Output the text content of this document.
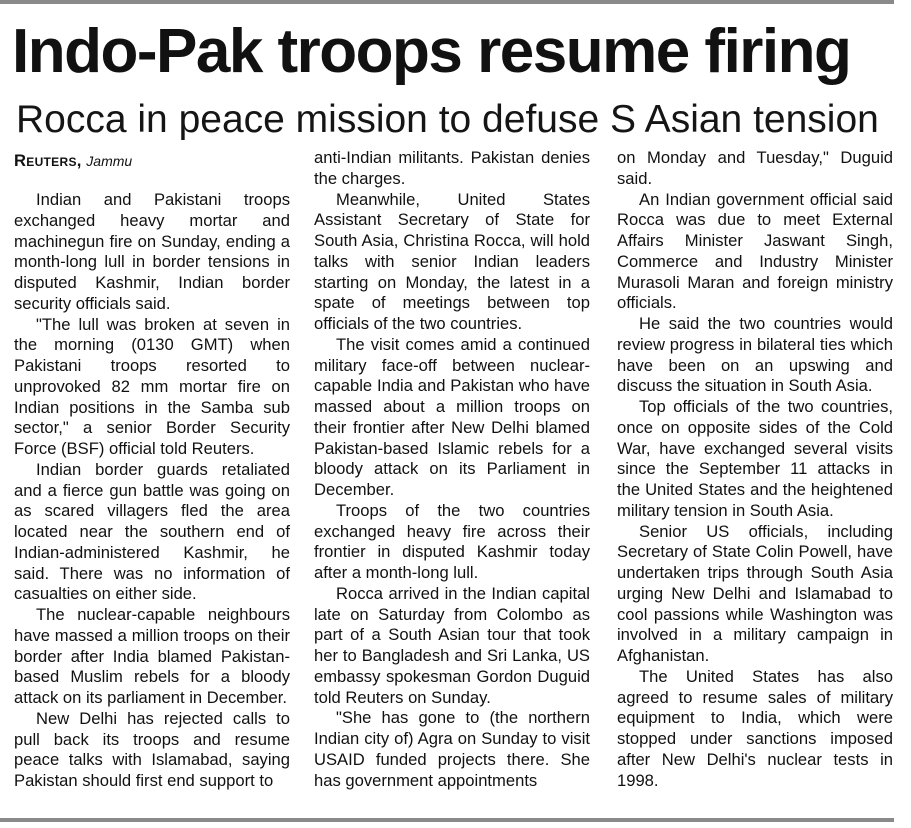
Indo-Pak troops resume firing
Rocca in peace mission to defuse S Asian tension
Reuters, Jammu

Indian and Pakistani troops exchanged heavy mortar and machinegun fire on Sunday, ending a month-long lull in border tensions in disputed Kashmir, Indian border security officials said.

"The lull was broken at seven in the morning (0130 GMT) when Pakistani troops resorted to unprovoked 82 mm mortar fire on Indian positions in the Samba sub sector," a senior Border Security Force (BSF) official told Reuters.

Indian border guards retaliated and a fierce gun battle was going on as scared villagers fled the area located near the southern end of Indian-administered Kashmir, he said. There was no information of casualties on either side.

The nuclear-capable neighbours have massed a million troops on their border after India blamed Pakistan-based Muslim rebels for a bloody attack on its parliament in December.

New Delhi has rejected calls to pull back its troops and resume peace talks with Islamabad, saying Pakistan should first end support to

anti-Indian militants. Pakistan denies the charges.

Meanwhile, United States Assistant Secretary of State for South Asia, Christina Rocca, will hold talks with senior Indian leaders starting on Monday, the latest in a spate of meetings between top officials of the two countries.

The visit comes amid a continued military face-off between nuclear-capable India and Pakistan who have massed about a million troops on their frontier after New Delhi blamed Pakistan-based Islamic rebels for a bloody attack on its Parliament in December.

Troops of the two countries exchanged heavy fire across their frontier in disputed Kashmir today after a month-long lull.

Rocca arrived in the Indian capital late on Saturday from Colombo as part of a South Asian tour that took her to Bangladesh and Sri Lanka, US embassy spokesman Gordon Duguid told Reuters on Sunday.

"She has gone to (the northern Indian city of) Agra on Sunday to visit USAID funded projects there. She has government appointments

on Monday and Tuesday," Duguid said.

An Indian government official said Rocca was due to meet External Affairs Minister Jaswant Singh, Commerce and Industry Minister Murasoli Maran and foreign ministry officials.

He said the two countries would review progress in bilateral ties which have been on an upswing and discuss the situation in South Asia.

Top officials of the two countries, once on opposite sides of the Cold War, have exchanged several visits since the September 11 attacks in the United States and the heightened military tension in South Asia.

Senior US officials, including Secretary of State Colin Powell, have undertaken trips through South Asia urging New Delhi and Islamabad to cool passions while Washington was involved in a military campaign in Afghanistan.

The United States has also agreed to resume sales of military equipment to India, which were stopped under sanctions imposed after New Delhi's nuclear tests in 1998.
